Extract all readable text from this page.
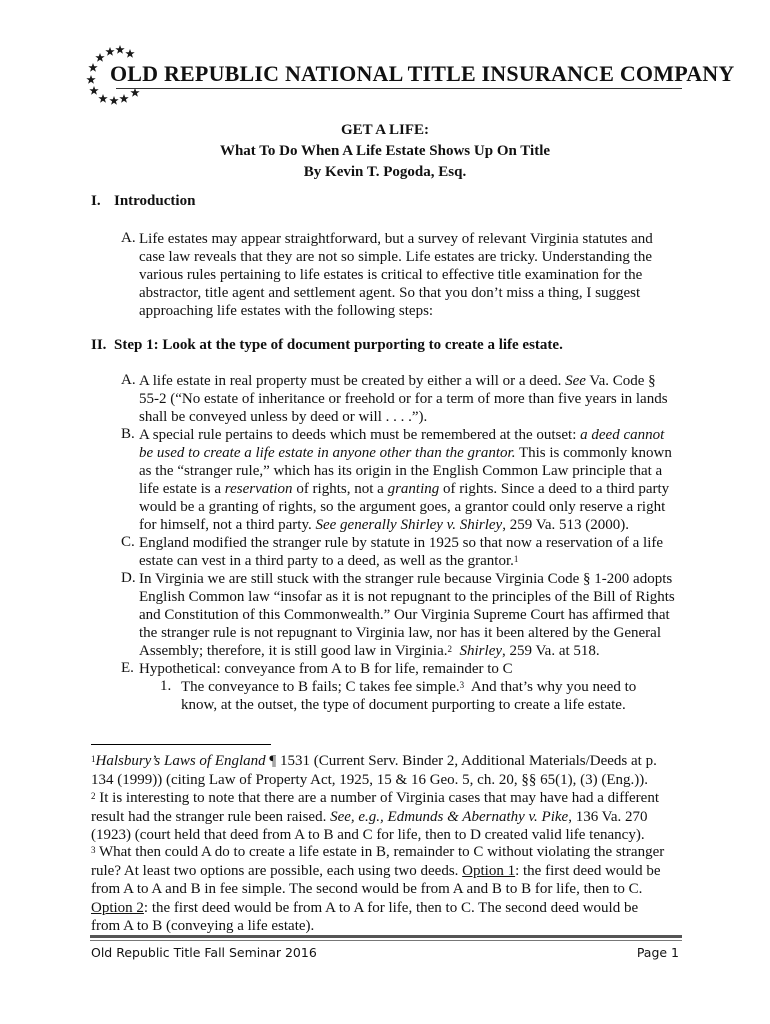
OLD REPUBLIC NATIONAL TITLE INSURANCE COMPANY
GET A LIFE:
What To Do When A Life Estate Shows Up On Title
By Kevin T. Pogoda, Esq.
I. Introduction
A. Life estates may appear straightforward, but a survey of relevant Virginia statutes and
case law reveals that they are not so simple. Life estates are tricky. Understanding the
various rules pertaining to life estates is critical to effective title examination for the
abstractor, title agent and settlement agent. So that you don’t miss a thing, I suggest
approaching life estates with the following steps:
II. Step 1: Look at the type of document purporting to create a life estate.
A. A life estate in real property must be created by either a will or a deed. See Va. Code §
55-2 (“No estate of inheritance or freehold or for a term of more than five years in lands
shall be conveyed unless by deed or will . . . .”).
B. A special rule pertains to deeds which must be remembered at the outset: a deed cannot
be used to create a life estate in anyone other than the grantor. This is commonly known
as the “stranger rule,” which has its origin in the English Common Law principle that a
life estate is a reservation of rights, not a granting of rights. Since a deed to a third party
would be a granting of rights, so the argument goes, a grantor could only reserve a right
for himself, not a third party. See generally Shirley v. Shirley, 259 Va. 513 (2000).
C. England modified the stranger rule by statute in 1925 so that now a reservation of a life
estate can vest in a third party to a deed, as well as the grantor.$^1$
D. In Virginia we are still stuck with the stranger rule because Virginia Code § 1-200 adopts
English Common law “insofar as it is not repugnant to the principles of the Bill of Rights
and Constitution of this Commonwealth.” Our Virginia Supreme Court has affirmed that
the stranger rule is not repugnant to Virginia law, nor has it been altered by the General
Assembly; therefore, it is still good law in Virginia.$^2$ Shirley, 259 Va. at 518.
E. Hypothetical: conveyance from A to B for life, remainder to C
1. The conveyance to B fails; C takes fee simple.$^3$  And that’s why you need to
know, at the outset, the type of document purporting to create a life estate.
$^1$Halsbury’s Laws of England ¶ 1531 (Current Serv. Binder 2, Additional Materials/Deeds at p.
134 (1999)) (citing Law of Property Act, 1925, 15 & 16 Geo. 5, ch. 20, §§ 65(1), (3) (Eng.)).
$^2$ It is interesting to note that there are a number of Virginia cases that may have had a different
result had the stranger rule been raised. See, e.g., Edmunds & Abernathy v. Pike, 136 Va. 270
(1923) (court held that deed from A to B and C for life, then to D created valid life tenancy).
$^3$ What then could A do to create a life estate in B, remainder to C without violating the stranger
rule? At least two options are possible, each using two deeds. Option 1: the first deed would be
from A to A and B in fee simple. The second would be from A and B to B for life, then to C.
Option 2: the first deed would be from A to A for life, then to C. The second deed would be
from A to B (conveying a life estate).
Old Republic Title Fall Seminar 2016	Page 1
